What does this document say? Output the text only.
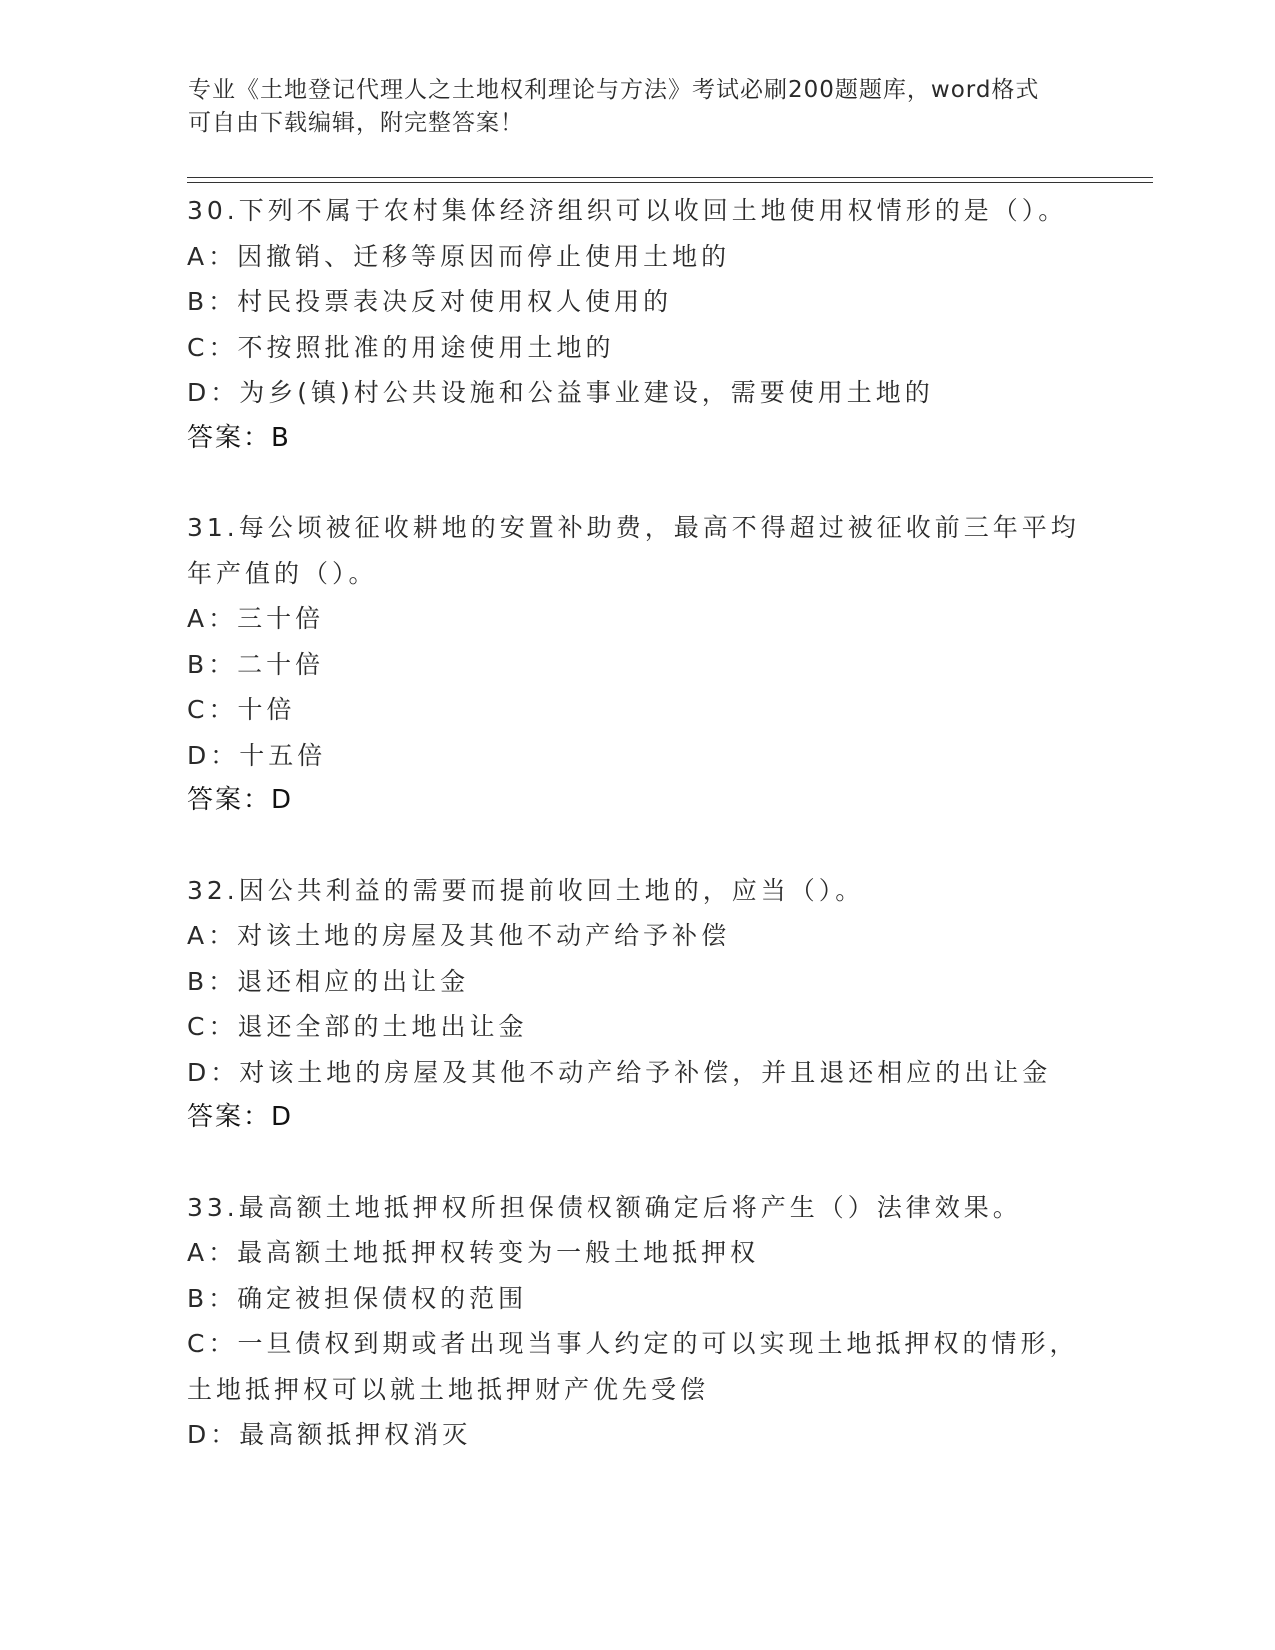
专业《土地登记代理人之土地权利理论与方法》考试必刷200题题库，word格式
可自由下载编辑，附完整答案！
30.下列不属于农村集体经济组织可以收回土地使用权情形的是（）。
A：因撤销、迁移等原因而停止使用土地的
B：村民投票表决反对使用权人使用的
C：不按照批准的用途使用土地的
D：为乡(镇)村公共设施和公益事业建设，需要使用土地的
答案：B
31.每公顷被征收耕地的安置补助费，最高不得超过被征收前三年平均
年产值的（）。
A：三十倍
B：二十倍
C：十倍
D：十五倍
答案：D
32.因公共利益的需要而提前收回土地的，应当（）。
A：对该土地的房屋及其他不动产给予补偿
B：退还相应的出让金
C：退还全部的土地出让金
D：对该土地的房屋及其他不动产给予补偿，并且退还相应的出让金
答案：D
33.最高额土地抵押权所担保债权额确定后将产生（）法律效果。
A：最高额土地抵押权转变为一般土地抵押权
B：确定被担保债权的范围
C：一旦债权到期或者出现当事人约定的可以实现土地抵押权的情形，
土地抵押权可以就土地抵押财产优先受偿
D：最高额抵押权消灭
